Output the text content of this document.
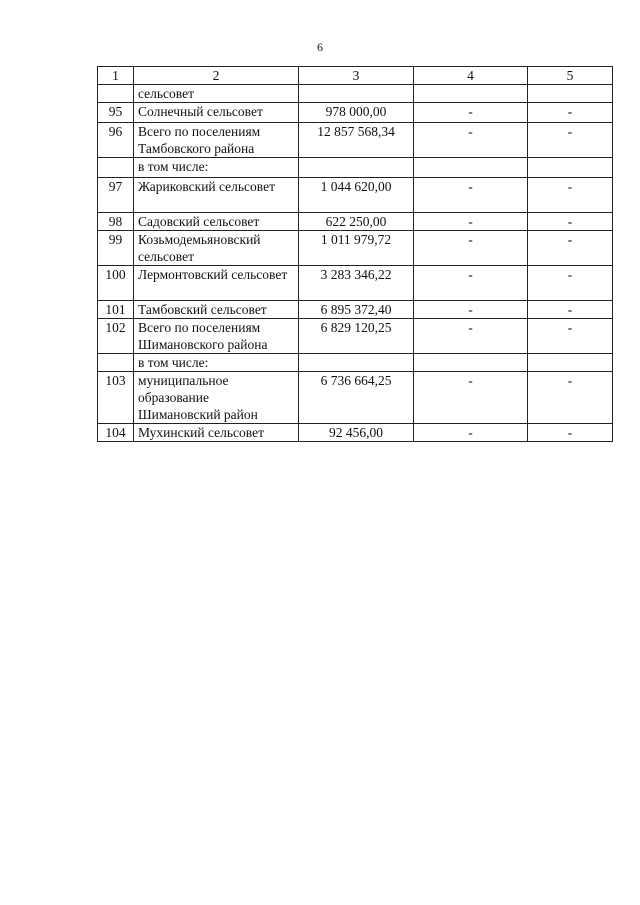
6
1	2	3	4	5
	сельсовет			
95	Солнечный сельсовет	978 000,00	-	-
96	Всего по поселениям Тамбовского района	12 857 568,34	-	-
	в том числе:			
97	Жариковский сельсовет	1 044 620,00	-	-
98	Садовский сельсовет	622 250,00	-	-
99	Козьмодемьяновский сельсовет	1 011 979,72	-	-
100	Лермонтовский сельсовет	3 283 346,22	-	-
101	Тамбовский сельсовет	6 895 372,40	-	-
102	Всего по поселениям Шимановского района	6 829 120,25	-	-
	в том числе:			
103	муниципальное образование Шимановский район	6 736 664,25	-	-
104	Мухинский сельсовет	92 456,00	-	-
